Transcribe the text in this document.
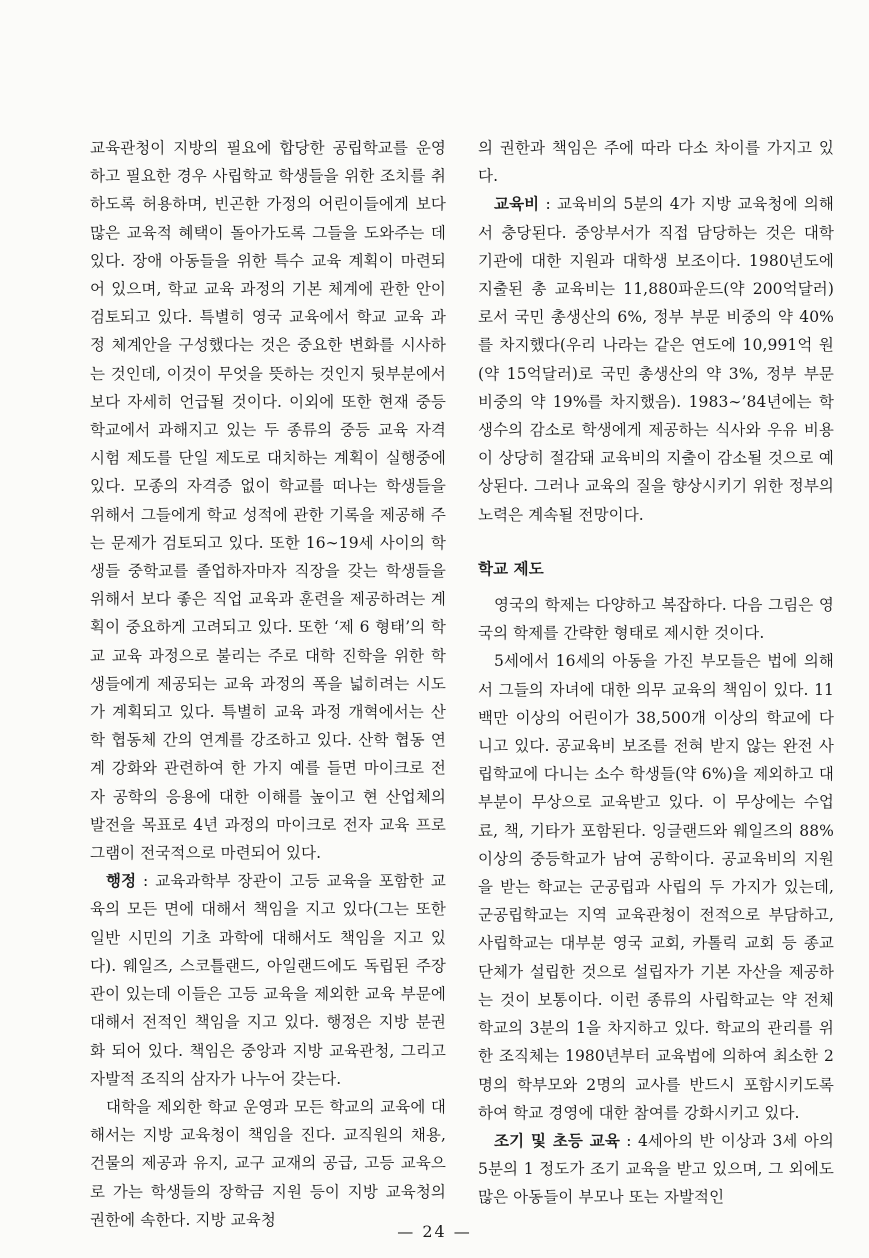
교육관청이 지방의 필요에 합당한 공립학교를 운영하고 필요한 경우 사립학교 학생들을 위한 조치를 취하도록 허용하며, 빈곤한 가정의 어린이들에게 보다 많은 교육적 혜택이 돌아가도록 그들을 도와주는 데 있다. 장애 아동들을 위한 특수 교육 계획이 마련되어 있으며, 학교 교육 과정의 기본 체계에 관한 안이 검토되고 있다. 특별히 영국 교육에서 학교 교육 과정 체계안을 구성했다는 것은 중요한 변화를 시사하는 것인데, 이것이 무엇을 뜻하는 것인지 뒷부분에서 보다 자세히 언급될 것이다. 이외에 또한 현재 중등학교에서 과해지고 있는 두 종류의 중등 교육 자격 시험 제도를 단일 제도로 대치하는 계획이 실행중에 있다. 모종의 자격증 없이 학교를 떠나는 학생들을 위해서 그들에게 학교 성적에 관한 기록을 제공해 주는 문제가 검토되고 있다. 또한 16∼19세 사이의 학생들 중학교를 졸업하자마자 직장을 갖는 학생들을 위해서 보다 좋은 직업 교육과 훈련을 제공하려는 계획이 중요하게 고려되고 있다. 또한 ‘제 6 형태’의 학교 교육 과정으로 불리는 주로 대학 진학을 위한 학생들에게 제공되는 교육 과정의 폭을 넓히려는 시도가 계획되고 있다. 특별히 교육 과정 개혁에서는 산학 협동체 간의 연계를 강조하고 있다. 산학 협동 연계 강화와 관련하여 한 가지 예를 들면 마이크로 전자 공학의 응용에 대한 이해를 높이고 현 산업체의 발전을 목표로 4년 과정의 마이크로 전자 교육 프로그램이 전국적으로 마련되어 있다.

행정 : 교육과학부 장관이 고등 교육을 포함한 교육의 모든 면에 대해서 책임을 지고 있다(그는 또한 일반 시민의 기초 과학에 대해서도 책임을 지고 있다). 웨일즈, 스코틀랜드, 아일랜드에도 독립된 주장관이 있는데 이들은 고등 교육을 제외한 교육 부문에 대해서 전적인 책임을 지고 있다. 행정은 지방 분권화 되어 있다. 책임은 중앙과 지방 교육관청, 그리고 자발적 조직의 삼자가 나누어 갖는다.

대학을 제외한 학교 운영과 모든 학교의 교육에 대해서는 지방 교육청이 책임을 진다. 교직원의 채용, 건물의 제공과 유지, 교구 교재의 공급, 고등 교육으로 가는 학생들의 장학금 지원 등이 지방 교육청의 권한에 속한다. 지방 교육청

의 권한과 책임은 주에 따라 다소 차이를 가지고 있다.

교육비 : 교육비의 5분의 4가 지방 교육청에 의해서 충당된다. 중앙부서가 직접 담당하는 것은 대학 기관에 대한 지원과 대학생 보조이다. 1980년도에 지출된 총 교육비는 11,880파운드(약 200억달러)로서 국민 총생산의 6%, 정부 부문 비중의 약 40%를 차지했다(우리 나라는 같은 연도에 10,991억 원(약 15억달러)로 국민 총생산의 약 3%, 정부 부문 비중의 약 19%를 차지했음). 1983∼’84년에는 학생수의 감소로 학생에게 제공하는 식사와 우유 비용이 상당히 절감돼 교육비의 지출이 감소될 것으로 예상된다. 그러나 교육의 질을 향상시키기 위한 정부의 노력은 계속될 전망이다.

학교 제도

영국의 학제는 다양하고 복잡하다. 다음 그림은 영국의 학제를 간략한 형태로 제시한 것이다.

5세에서 16세의 아동을 가진 부모들은 법에 의해서 그들의 자녀에 대한 의무 교육의 책임이 있다. 11백만 이상의 어린이가 38,500개 이상의 학교에 다니고 있다. 공교육비 보조를 전혀 받지 않는 완전 사립학교에 다니는 소수 학생들(약 6%)을 제외하고 대부분이 무상으로 교육받고 있다. 이 무상에는 수업료, 책, 기타가 포함된다. 잉글랜드와 웨일즈의 88% 이상의 중등학교가 남여 공학이다. 공교육비의 지원을 받는 학교는 군공립과 사립의 두 가지가 있는데, 군공립학교는 지역 교육관청이 전적으로 부담하고, 사립학교는 대부분 영국 교회, 카톨릭 교회 등 종교 단체가 설립한 것으로 설립자가 기본 자산을 제공하는 것이 보통이다. 이런 종류의 사립학교는 약 전체 학교의 3분의 1을 차지하고 있다. 학교의 관리를 위한 조직체는 1980년부터 교육법에 의하여 최소한 2명의 학부모와 2명의 교사를 반드시 포함시키도록 하여 학교 경영에 대한 참여를 강화시키고 있다.

조기 및 초등 교육 : 4세아의 반 이상과 3세 아의 5분의 1 정도가 조기 교육을 받고 있으며, 그 외에도 많은 아동들이 부모나 또는 자발적인

— 24 —
